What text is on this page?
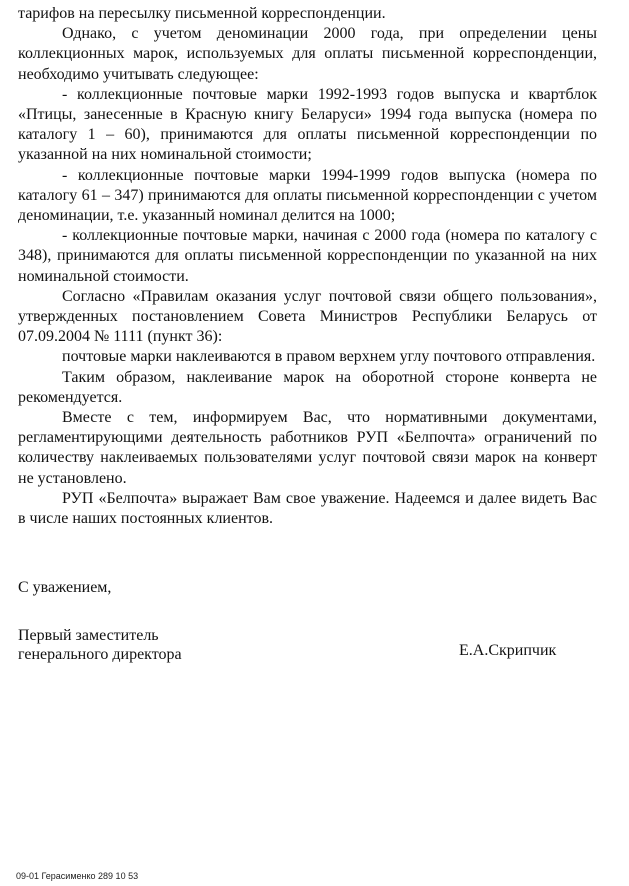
тарифов на пересылку письменной корреспонденции.

Однако, с учетом деноминации 2000 года, при определении цены коллекционных марок, используемых для оплаты письменной корреспонденции, необходимо учитывать следующее:

- коллекционные почтовые марки 1992-1993 годов выпуска и квартблок «Птицы, занесенные в Красную книгу Беларуси» 1994 года выпуска (номера по каталогу 1 – 60), принимаются для оплаты письменной корреспонденции по указанной на них номинальной стоимости;

- коллекционные почтовые марки 1994-1999 годов выпуска (номера по каталогу 61 – 347) принимаются для оплаты письменной корреспонденции с учетом деноминации, т.е. указанный номинал делится на 1000;

- коллекционные почтовые марки, начиная с 2000 года (номера по каталогу с 348), принимаются для оплаты письменной корреспонденции по указанной на них номинальной стоимости.

Согласно «Правилам оказания услуг почтовой связи общего пользования», утвержденных постановлением Совета Министров Республики Беларусь от 07.09.2004 № 1111 (пункт 36):

почтовые марки наклеиваются в правом верхнем углу почтового отправления.

Таким образом, наклеивание марок на оборотной стороне конверта не рекомендуется.

Вместе с тем, информируем Вас, что нормативными документами, регламентирующими деятельность работников РУП «Белпочта» ограничений по количеству наклеиваемых пользователями услуг почтовой связи марок на конверт не установлено.

РУП «Белпочта» выражает Вам свое уважение. Надеемся и далее видеть Вас в числе наших постоянных клиентов.

С уважением,

Первый заместитель
генерального директора	Е.А.Скрипчик
09-01 Герасименко 289 10 53
